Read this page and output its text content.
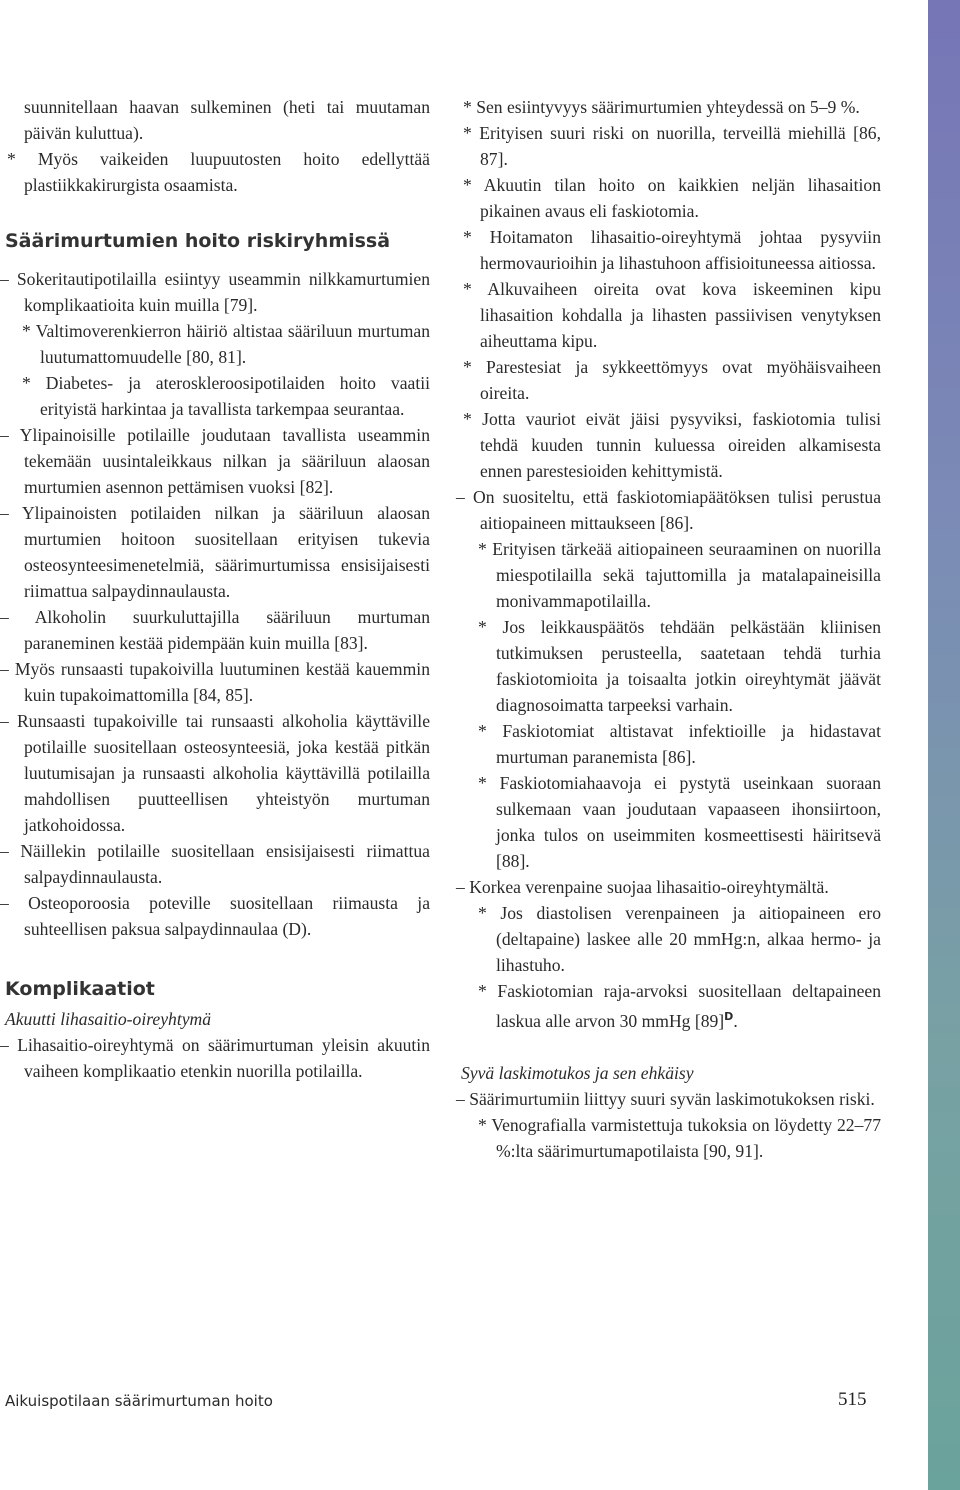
suunnitellaan haavan sulkeminen (heti tai muutaman päivän kuluttua).

* Myös vaikeiden luupuutosten hoito edellyttää plastiikkakirurgista osaamista.

Säärimurtumien hoito riskiryhmissä

– Sokeritautipotilailla esiintyy useammin nilkkamurtumien komplikaatioita kuin muilla [79].

* Valtimoverenkierron häiriö altistaa sääriluun murtuman luutumattomuudelle [80, 81].

* Diabetes- ja ateroskleroosipotilaiden hoito vaatii erityistä harkintaa ja tavallista tarkempaa seurantaa.

– Ylipainoisille potilaille joudutaan tavallista useammin tekemään uusintaleikkaus nilkan ja sääriluun alaosan murtumien asennon pettämisen vuoksi [82].

– Ylipainoisten potilaiden nilkan ja sääriluun alaosan murtumien hoitoon suositellaan erityisen tukevia osteosynteesimenetelmiä, säärimurtumissa ensisijaisesti riimattua salpaydinnaulausta.

– Alkoholin suurkuluttajilla sääriluun murtuman paraneminen kestää pidempään kuin muilla [83].

– Myös runsaasti tupakoivilla luutuminen kestää kauemmin kuin tupakoimattomilla [84, 85].

– Runsaasti tupakoiville tai runsaasti alkoholia käyttäville potilaille suositellaan osteosynteesiä, joka kestää pitkän luutumisajan ja runsaasti alkoholia käyttävillä potilailla mahdollisen puutteellisen yhteistyön murtuman jatkohoidossa.

– Näillekin potilaille suositellaan ensisijaisesti riimattua salpaydinnaulausta.

– Osteoporoosia poteville suositellaan riimausta ja suhteellisen paksua salpaydinnaulaa (D).

Komplikaatiot
Akuutti lihasaitio-oireyhtymä

– Lihasaitio-oireyhtymä on säärimurtuman yleisin akuutin vaiheen komplikaatio etenkin nuorilla potilailla.

* Sen esiintyvyys säärimurtumien yhteydessä on 5–9 %.

* Erityisen suuri riski on nuorilla, terveillä miehillä [86, 87].

* Akuutin tilan hoito on kaikkien neljän lihasaition pikainen avaus eli faskiotomia.

* Hoitamaton lihasaitio-oireyhtymä johtaa pysyviin hermovaurioihin ja lihastuhoon affisioituneessa aitiossa.

* Alkuvaiheen oireita ovat kova iskeeminen kipu lihasaition kohdalla ja lihasten passiivisen venytyksen aiheuttama kipu.

* Parestesiat ja sykkeettömyys ovat myöhäisvaiheen oireita.

* Jotta vauriot eivät jäisi pysyviksi, faskiotomia tulisi tehdä kuuden tunnin kuluessa oireiden alkamisesta ennen parestesioiden kehittymistä.

– On suositeltu, että faskiotomiapäätöksen tulisi perustua aitiopaineen mittaukseen [86].

* Erityisen tärkeää aitiopaineen seuraaminen on nuorilla miespotilailla sekä tajuttomilla ja matalapaineisilla monivammapotilailla.

* Jos leikkauspäätös tehdään pelkästään kliinisen tutkimuksen perusteella, saatetaan tehdä turhia faskiotomioita ja toisaalta jotkin oireyhtymät jäävät diagnosoimatta tarpeeksi varhain.

* Faskiotomiat altistavat infektioille ja hidastavat murtuman paranemista [86].

* Faskiotomiahaavoja ei pystytä useinkaan suoraan sulkemaan vaan joudutaan vapaaseen ihonsiirtoon, jonka tulos on useimmiten kosmeettisesti häiritsevä [88].

– Korkea verenpaine suojaa lihasaitio-oireyhtymältä.

* Jos diastolisen verenpaineen ja aitiopaineen ero (deltapaine) laskee alle 20 mmHg:n, alkaa hermo- ja lihastuho.

* Faskiotomian raja-arvoksi suositellaan deltapaineen laskua alle arvon 30 mmHg $[89]^D$.

Syvä laskimotukos ja sen ehkäisy

– Säärimurtumiin liittyy suuri syvän laskimotukoksen riski.

* Venografialla varmistettuja tukoksia on löydetty 22–77 %:lta säärimurtumapotilaista [90, 91].

Aikuispotilaan säärimurtuman hoito	515
